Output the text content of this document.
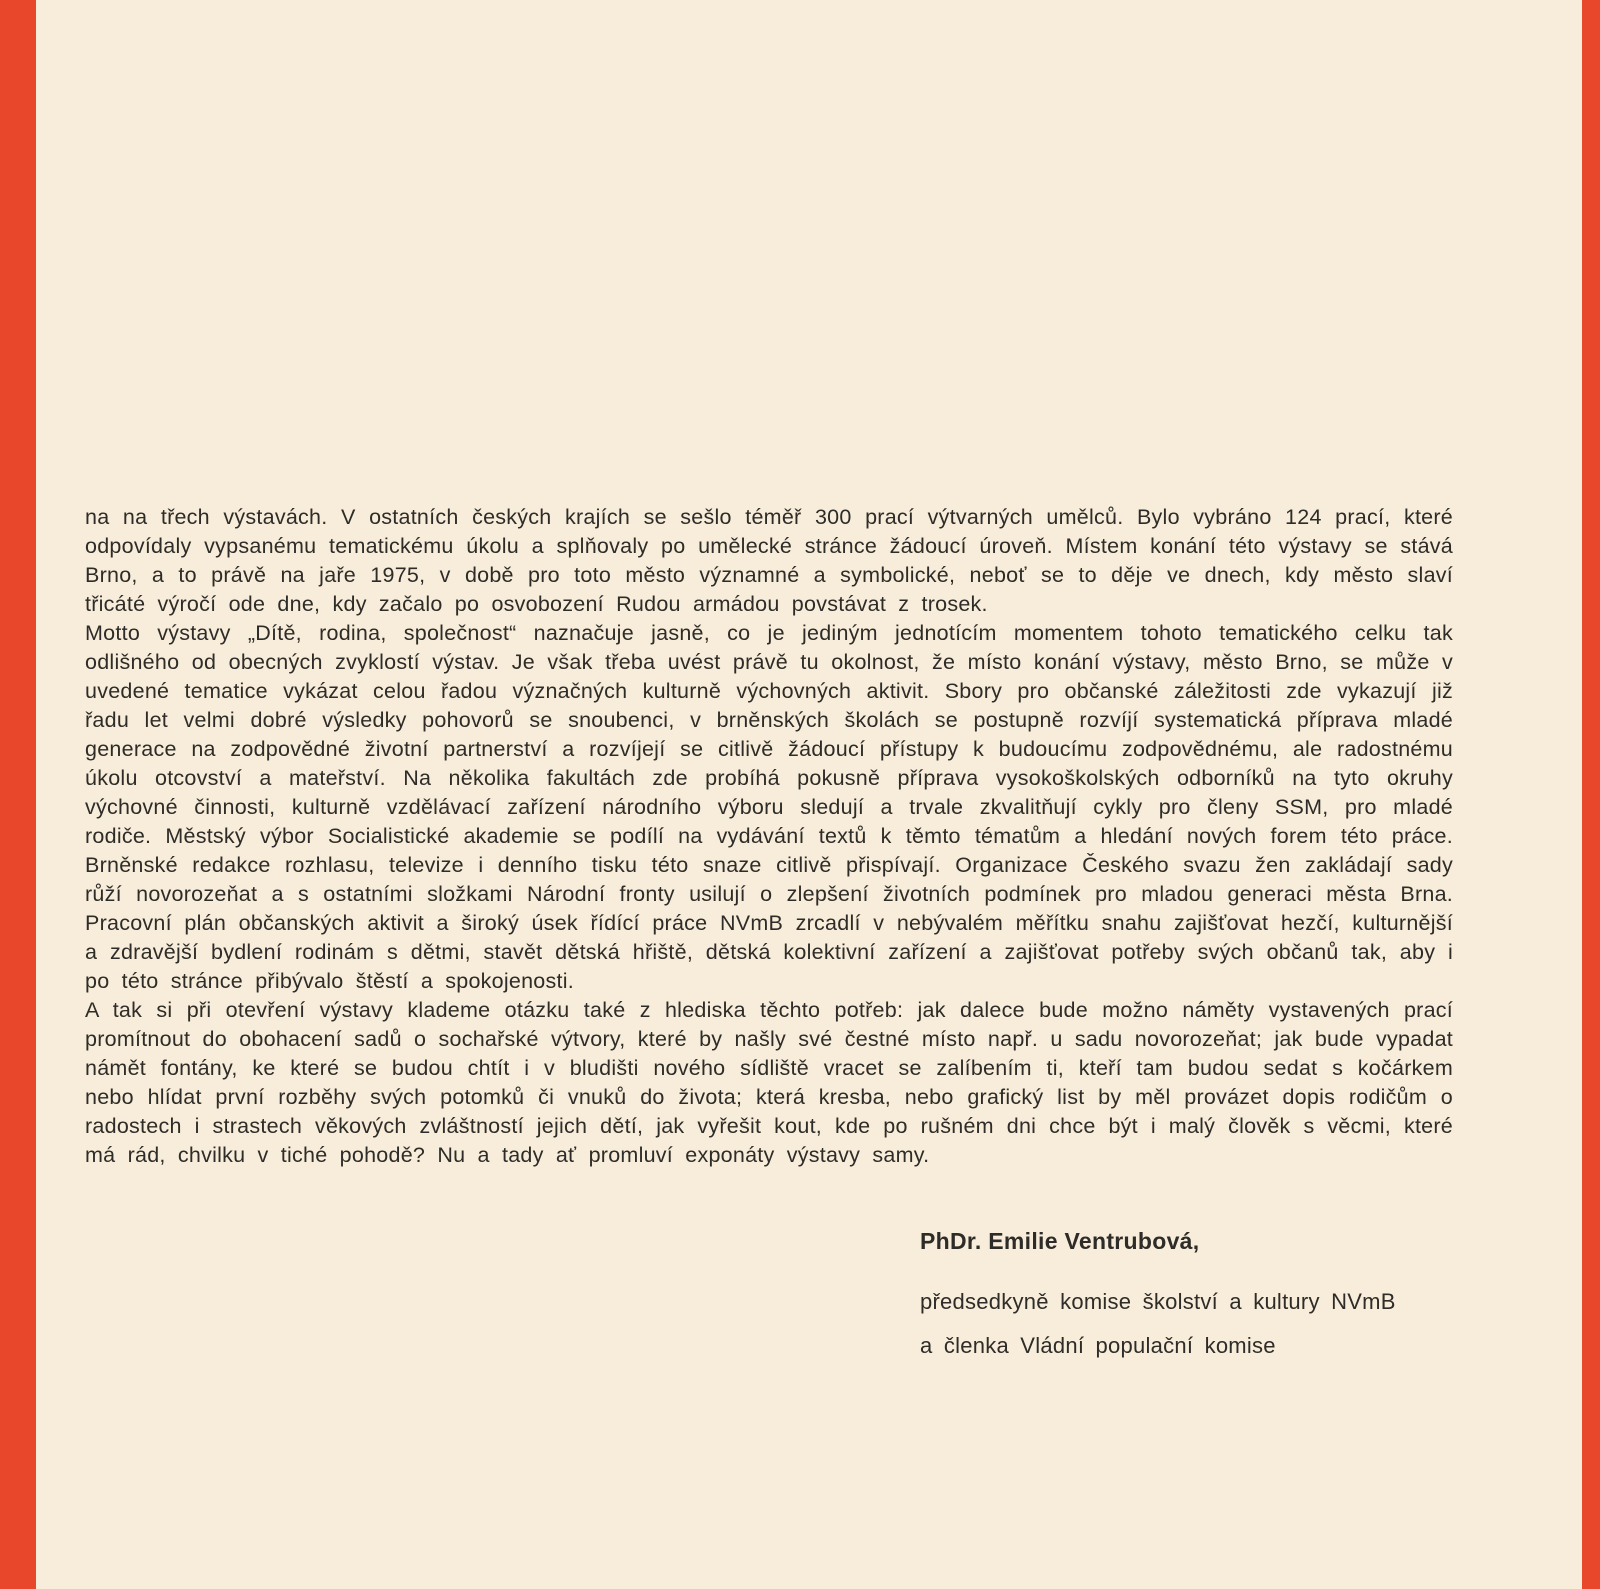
na na třech výstavách. V ostatních českých krajích se sešlo téměř 300 prací výtvarných umělců. Bylo vybráno 124 prací, které odpovídaly vypsanému tematickému úkolu a splňovaly po umělecké stránce žádoucí úroveň. Místem konání této výstavy se stává Brno, a to právě na jaře 1975, v době pro toto město významné a symbolické, neboť se to děje ve dnech, kdy město slaví třicáté výročí ode dne, kdy začalo po osvobození Rudou armádou povstávat z trosek.

Motto výstavy „Dítě, rodina, společnost“ naznačuje jasně, co je jediným jednotícím momentem tohoto tematického celku tak odlišného od obecných zvyklostí výstav. Je však třeba uvést právě tu okolnost, že místo konání výstavy, město Brno, se může v uvedené tematice vykázat celou řadou význačných kulturně výchovných aktivit. Sbory pro občanské záležitosti zde vykazují již řadu let velmi dobré výsledky pohovorů se snoubenci, v brněnských školách se postupně rozvíjí systematická příprava mladé generace na zodpovědné životní partnerství a rozvíjejí se citlivě žádoucí přístupy k budoucímu zodpovědnému, ale radostnému úkolu otcovství a mateřství. Na několika fakultách zde probíhá pokusně příprava vysokoškolských odborníků na tyto okruhy výchovné činnosti, kulturně vzdělávací zařízení národního výboru sledují a trvale zkvalitňují cykly pro členy SSM, pro mladé rodiče. Městský výbor Socialistické akademie se podílí na vydávání textů k těmto tématům a hledání nových forem této práce. Brněnské redakce rozhlasu, televize i denního tisku této snaze citlivě přispívají. Organizace Českého svazu žen zakládají sady růží novorozeňat a s ostatními složkami Národní fronty usilují o zlepšení životních podmínek pro mladou generaci města Brna. Pracovní plán občanských aktivit a široký úsek řídící práce NVmB zrcadlí v nebývalém měřítku snahu zajišťovat hezčí, kulturnější a zdravější bydlení rodinám s dětmi, stavět dětská hřiště, dětská kolektivní zařízení a zajišťovat potřeby svých občanů tak, aby i po této stránce přibývalo štěstí a spokojenosti.

A tak si při otevření výstavy klademe otázku také z hlediska těchto potřeb: jak dalece bude možno náměty vystavených prací promítnout do obohacení sadů o sochařské výtvory, které by našly své čestné místo např. u sadu novorozeňat; jak bude vypadat námět fontány, ke které se budou chtít i v bludišti nového sídliště vracet se zalíbením ti, kteří tam budou sedat s kočárkem nebo hlídat první rozběhy svých potomků či vnuků do života; která kresba, nebo grafický list by měl provázet dopis rodičům o radostech i strastech věkových zvláštností jejich dětí, jak vyřešit kout, kde po rušném dni chce být i malý člověk s věcmi, které má rád, chvilku v tiché pohodě? Nu a tady ať promluví exponáty výstavy samy.

PhDr. Emilie Ventrubová,

předsedkyně komise školství a kultury NVmB

a členka Vládní populační komise
